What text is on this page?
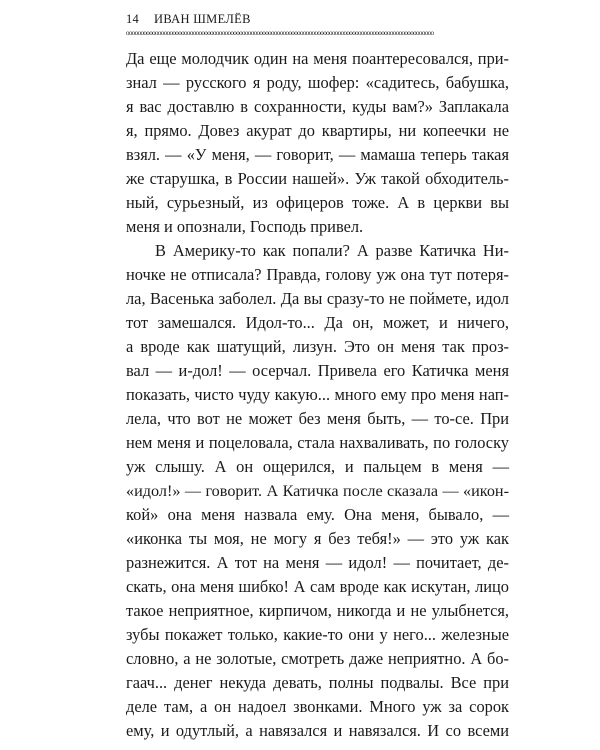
14 ИВАН ШМЕЛЁВ
oooooooooooooooooooooooooooooooooooooooooooooooooooooooooooooooooooooooooooooooooooooooooooooooooooooooooo
Да еще молодчик один на меня поантересовался, при-
знал — русского я роду, шофер: «садитесь, бабушка,
я вас доставлю в сохранности, куды вам?» Заплакала
я, прямо. Довез акурат до квартиры, ни копеечки не
взял. — «У меня, — говорит, — мамаша теперь такая
же старушка, в России нашей». Уж такой обходитель-
ный, сурьезный, из офицеров тоже. А в церкви вы
меня и опознали, Господь привел.
В Америку-то как попали? А разве Катичка Ни-
ночке не отписала? Правда, голову уж она тут потеря-
ла, Васенька заболел. Да вы сразу-то не поймете, идол
тот замешался. Идол-то... Да он, может, и ничего,
а вроде как шатущий, лизун. Это он меня так проз-
вал — и-дол! — осерчал. Привела его Катичка меня
показать, чисто чуду какую... много ему про меня нап-
лела, что вот не может без меня быть, — то-се. При
нем меня и поцеловала, стала нахваливать, по голоску
уж слышу. А он ощерился, и пальцем в меня —
«идол!» — говорит. А Катичка после сказала — «икон-
кой» она меня назвала ему. Она меня, бывало, —
«иконка ты моя, не могу я без тебя!» — это уж как
разнежится. А тот на меня — идол! — почитает, де-
скать, она меня шибко! А сам вроде как искутан, лицо
такое неприятное, кирпичом, никогда и не улыбнется,
зубы покажет только, какие-то они у него... железные
словно, а не золотые, смотреть даже неприятно. А бо-
гаач... денег некуда девать, полны подвалы. Все при
деле там, а он надоел звонками. Много уж за сорок
ему, и одутлый, а навязался и навязался. И со всеми
